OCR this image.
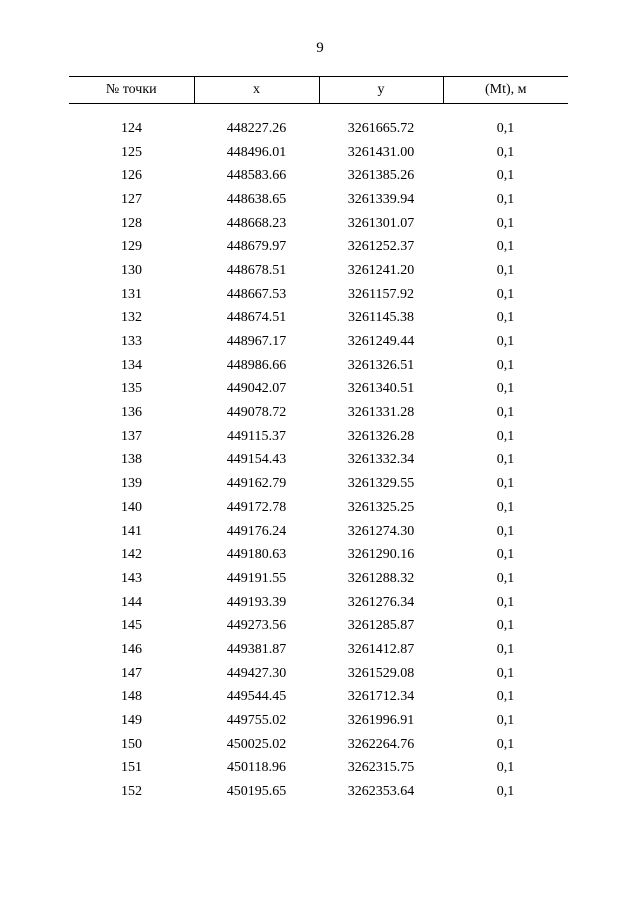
9
№ точки	x	y	(Mt), м

124	448227.26	3261665.72	0,1
125	448496.01	3261431.00	0,1
126	448583.66	3261385.26	0,1
127	448638.65	3261339.94	0,1
128	448668.23	3261301.07	0,1
129	448679.97	3261252.37	0,1
130	448678.51	3261241.20	0,1
131	448667.53	3261157.92	0,1
132	448674.51	3261145.38	0,1
133	448967.17	3261249.44	0,1
134	448986.66	3261326.51	0,1
135	449042.07	3261340.51	0,1
136	449078.72	3261331.28	0,1
137	449115.37	3261326.28	0,1
138	449154.43	3261332.34	0,1
139	449162.79	3261329.55	0,1
140	449172.78	3261325.25	0,1
141	449176.24	3261274.30	0,1
142	449180.63	3261290.16	0,1
143	449191.55	3261288.32	0,1
144	449193.39	3261276.34	0,1
145	449273.56	3261285.87	0,1
146	449381.87	3261412.87	0,1
147	449427.30	3261529.08	0,1
148	449544.45	3261712.34	0,1
149	449755.02	3261996.91	0,1
150	450025.02	3262264.76	0,1
151	450118.96	3262315.75	0,1
152	450195.65	3262353.64	0,1
